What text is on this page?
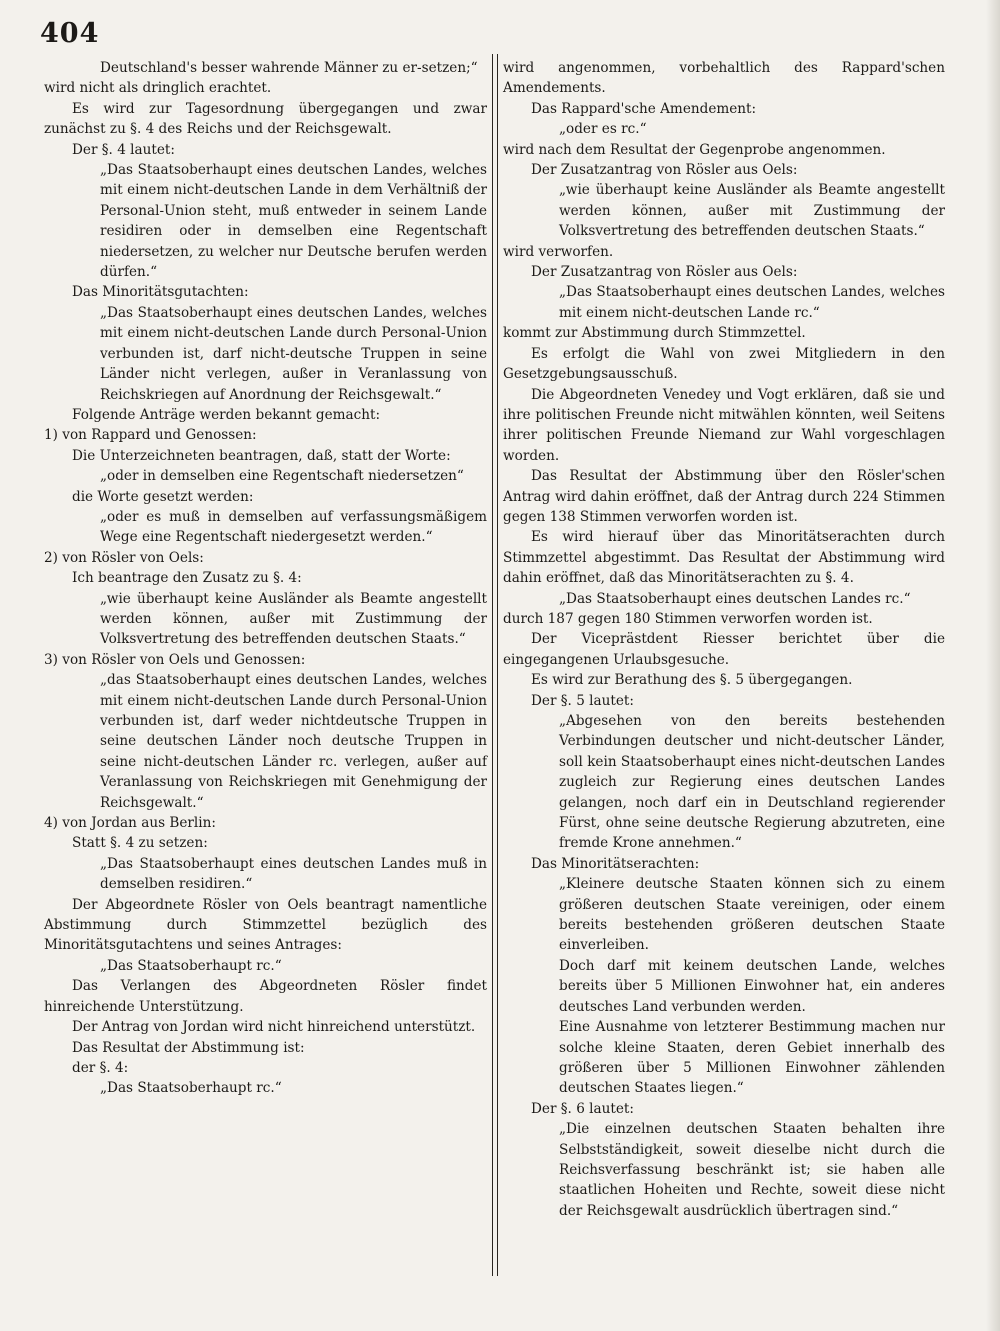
404

Deutschland's besser wahrende Männer zu er-setzen;“

wird nicht als dringlich erachtet.

Es wird zur Tagesordnung übergegangen und zwar zunächst zu §. 4 des Reichs und der Reichsgewalt.

Der §. 4 lautet:

„Das Staatsoberhaupt eines deutschen Landes, welches mit einem nicht-deutschen Lande in dem Verhältniß der Personal-Union steht, muß entweder in seinem Lande residiren oder in demselben eine Regentschaft niedersetzen, zu welcher nur Deutsche berufen werden dürfen.“

Das Minoritätsgutachten:

„Das Staatsoberhaupt eines deutschen Landes, welches mit einem nicht-deutschen Lande durch Personal-Union verbunden ist, darf nicht-deutsche Truppen in seine Länder nicht verlegen, außer in Veranlassung von Reichskriegen auf Anordnung der Reichsgewalt.“

Folgende Anträge werden bekannt gemacht:

1) von Rappard und Genossen:

Die Unterzeichneten beantragen, daß, statt der Worte:

„oder in demselben eine Regentschaft niedersetzen“

die Worte gesetzt werden:

„oder es muß in demselben auf verfassungsmäßigem Wege eine Regentschaft niedergesetzt werden.“

2) von Rösler von Oels:

Ich beantrage den Zusatz zu §. 4:

„wie überhaupt keine Ausländer als Beamte angestellt werden können, außer mit Zustimmung der Volksvertretung des betreffenden deutschen Staats.“

3) von Rösler von Oels und Genossen:

„das Staatsoberhaupt eines deutschen Landes, welches mit einem nicht-deutschen Lande durch Personal-Union verbunden ist, darf weder nichtdeutsche Truppen in seine deutschen Länder noch deutsche Truppen in seine nicht-deutschen Länder rc. verlegen, außer auf Veranlassung von Reichskriegen mit Genehmigung der Reichsgewalt.“

4) von Jordan aus Berlin:

Statt §. 4 zu setzen:

„Das Staatsoberhaupt eines deutschen Landes muß in demselben residiren.“

Der Abgeordnete Rösler von Oels beantragt namentliche Abstimmung durch Stimmzettel bezüglich des Minoritätsgutachtens und seines Antrages:

„Das Staatsoberhaupt rc.“

Das Verlangen des Abgeordneten Rösler findet hinreichende Unterstützung.

Der Antrag von Jordan wird nicht hinreichend unterstützt.

Das Resultat der Abstimmung ist:

der §. 4:

„Das Staatsoberhaupt rc.“

wird angenommen, vorbehaltlich des Rappard'schen Amendements.

Das Rappard'sche Amendement:

„oder es rc.“

wird nach dem Resultat der Gegenprobe angenommen.

Der Zusatzantrag von Rösler aus Oels:

„wie überhaupt keine Ausländer als Beamte angestellt werden können, außer mit Zustimmung der Volksvertretung des betreffenden deutschen Staats.“

wird verworfen.

Der Zusatzantrag von Rösler aus Oels:

„Das Staatsoberhaupt eines deutschen Landes, welches mit einem nicht-deutschen Lande rc.“

kommt zur Abstimmung durch Stimmzettel.

Es erfolgt die Wahl von zwei Mitgliedern in den Gesetzgebungsausschuß.

Die Abgeordneten Venedey und Vogt erklären, daß sie und ihre politischen Freunde nicht mitwählen könnten, weil Seitens ihrer politischen Freunde Niemand zur Wahl vorgeschlagen worden.

Das Resultat der Abstimmung über den Rösler'schen Antrag wird dahin eröffnet, daß der Antrag durch 224 Stimmen gegen 138 Stimmen verworfen worden ist.

Es wird hierauf über das Minoritätserachten durch Stimmzettel abgestimmt. Das Resultat der Abstimmung wird dahin eröffnet, daß das Minoritätserachten zu §. 4.

„Das Staatsoberhaupt eines deutschen Landes rc.“

durch 187 gegen 180 Stimmen verworfen worden ist.

Der Viceprästdent Riesser berichtet über die eingegangenen Urlaubsgesuche.

Es wird zur Berathung des §. 5 übergegangen.

Der §. 5 lautet:

„Abgesehen von den bereits bestehenden Verbindungen deutscher und nicht-deutscher Länder, soll kein Staatsoberhaupt eines nicht-deutschen Landes zugleich zur Regierung eines deutschen Landes gelangen, noch darf ein in Deutschland regierender Fürst, ohne seine deutsche Regierung abzutreten, eine fremde Krone annehmen.“

Das Minoritätserachten:

„Kleinere deutsche Staaten können sich zu einem größeren deutschen Staate vereinigen, oder einem bereits bestehenden größeren deutschen Staate einverleiben.

Doch darf mit keinem deutschen Lande, welches bereits über 5 Millionen Einwohner hat, ein anderes deutsches Land verbunden werden.

Eine Ausnahme von letzterer Bestimmung machen nur solche kleine Staaten, deren Gebiet innerhalb des größeren über 5 Millionen Einwohner zählenden deutschen Staates liegen.“

Der §. 6 lautet:

„Die einzelnen deutschen Staaten behalten ihre Selbstständigkeit, soweit dieselbe nicht durch die Reichsverfassung beschränkt ist; sie haben alle staatlichen Hoheiten und Rechte, soweit diese nicht der Reichsgewalt ausdrücklich übertragen sind.“
